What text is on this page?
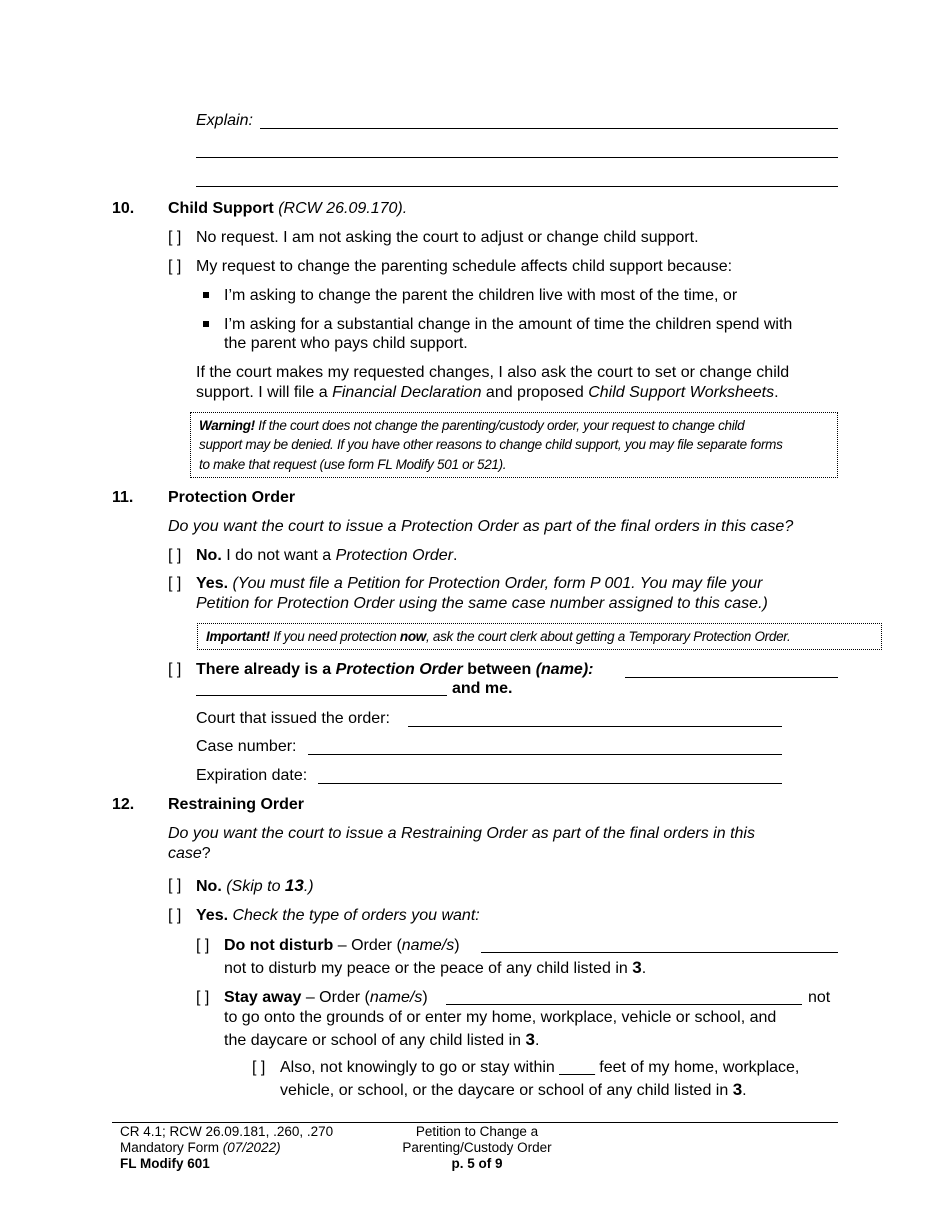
Explain:
10. Child Support (RCW 26.09.170).
[ ] No request. I am not asking the court to adjust or change child support.
[ ] My request to change the parenting schedule affects child support because:
I’m asking to change the parent the children live with most of the time, or
I’m asking for a substantial change in the amount of time the children spend with
the parent who pays child support.
If the court makes my requested changes, I also ask the court to set or change child
support. I will file a Financial Declaration and proposed Child Support Worksheets.
Warning! If the court does not change the parenting/custody order, your request to change child
support may be denied. If you have other reasons to change child support, you may file separate forms
to make that request (use form FL Modify 501 or 521).
11. Protection Order
Do you want the court to issue a Protection Order as part of the final orders in this case?
[ ] No. I do not want a Protection Order.
[ ] Yes. (You must file a Petition for Protection Order, form P 001. You may file your
Petition for Protection Order using the same case number assigned to this case.)
Important! If you need protection now, ask the court clerk about getting a Temporary Protection Order.
[ ] There already is a Protection Order between (name):
and me.
Court that issued the order:
Case number:
Expiration date:
12. Restraining Order
Do you want the court to issue a Restraining Order as part of the final orders in this
case?
[ ] No. (Skip to 13.)
[ ] Yes. Check the type of orders you want:
[ ] Do not disturb – Order (name/s)
not to disturb my peace or the peace of any child listed in 3.
[ ] Stay away – Order (name/s)	not
to go onto the grounds of or enter my home, workplace, vehicle or school, and
the daycare or school of any child listed in 3.
[ ] Also, not knowingly to go or stay within ____ feet of my home, workplace,
vehicle, or school, or the daycare or school of any child listed in 3.
CR 4.1; RCW 26.09.181, .260, .270
Mandatory Form (07/2022)
FL Modify 601
Petition to Change a
Parenting/Custody Order
p. 5 of 9
